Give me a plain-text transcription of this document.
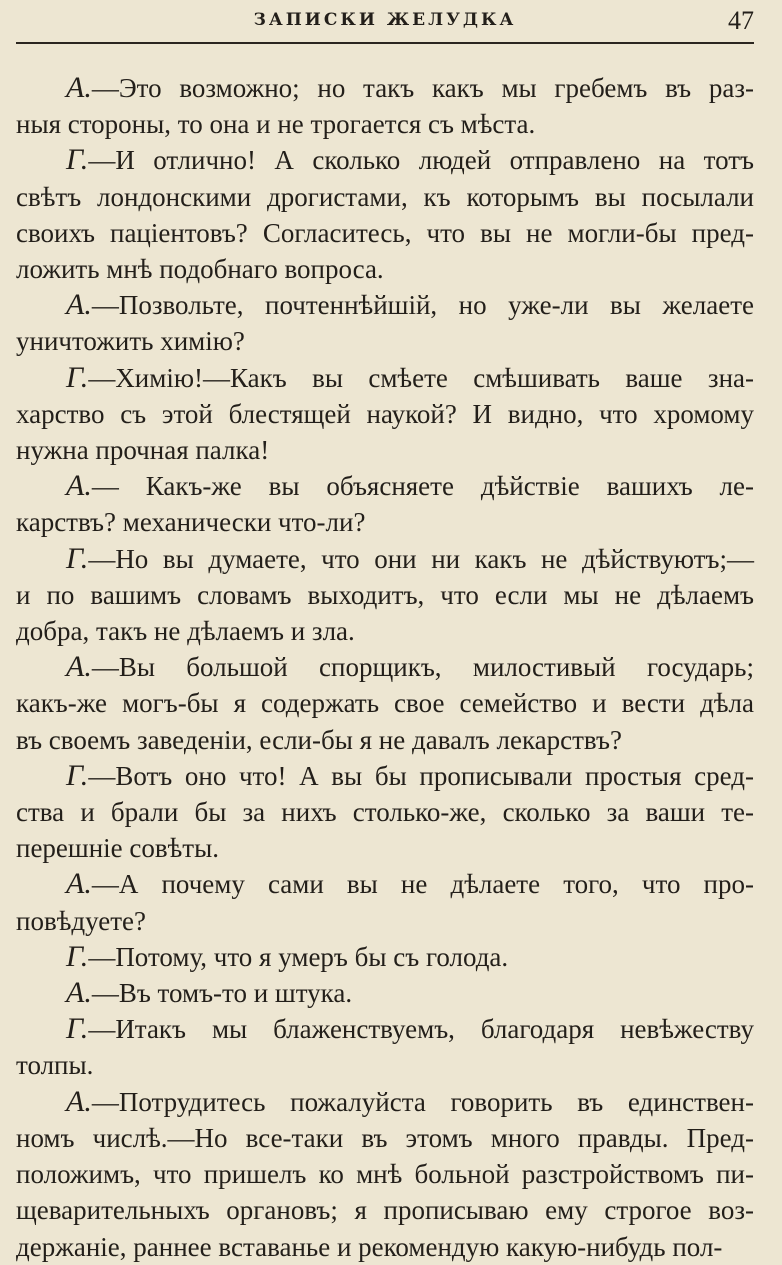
ЗАПИСКИ ЖЕЛУДКА	47

А.—Это возможно; но такъ какъ мы гребемъ въ раз-
ныя стороны, то она и не трогается съ мѣста.

Г.—И отлично! А сколько людей отправлено на тотъ
свѣтъ лондонскими дрогистами, къ которымъ вы посылали
своихъ паціентовъ? Согласитесь, что вы не могли-бы пред-
ложить мнѣ подобнаго вопроса.

А.—Позвольте, почтеннѣйшій, но уже-ли вы желаете
уничтожить химію?

Г.—Химію!—Какъ вы смѣете смѣшивать ваше зна-
харство съ этой блестящей наукой? И видно, что хромому
нужна прочная палка!

А.— Какъ-же вы объясняете дѣйствіе вашихъ ле-
карствъ? механически что-ли?

Г.—Но вы думаете, что они ни какъ не дѣйствуютъ;—
и по вашимъ словамъ выходитъ, что если мы не дѣлаемъ
добра, такъ не дѣлаемъ и зла.

А.—Вы большой спорщикъ, милостивый государь;
какъ-же могъ-бы я содержать свое семейство и вести дѣла
въ своемъ заведеніи, если-бы я не давалъ лекарствъ?

Г.—Вотъ оно что! А вы бы прописывали простыя сред-
ства и брали бы за нихъ столько-же, сколько за ваши те-
перешніе совѣты.

А.—А почему сами вы не дѣлаете того, что про-
повѣдуете?

Г.—Потому, что я умеръ бы съ голода.

А.—Въ томъ-то и штука.

Г.—Итакъ мы блаженствуемъ, благодаря невѣжеству
толпы.

А.—Потрудитесь пожалуйста говорить въ единствен-
номъ числѣ.—Но все-таки въ этомъ много правды. Пред-
положимъ, что пришелъ ко мнѣ больной разстройствомъ пи-
щеварительныхъ органовъ; я прописываю ему строгое воз-
держаніе, раннее вставанье и рекомендую какую-нибудь пол-
